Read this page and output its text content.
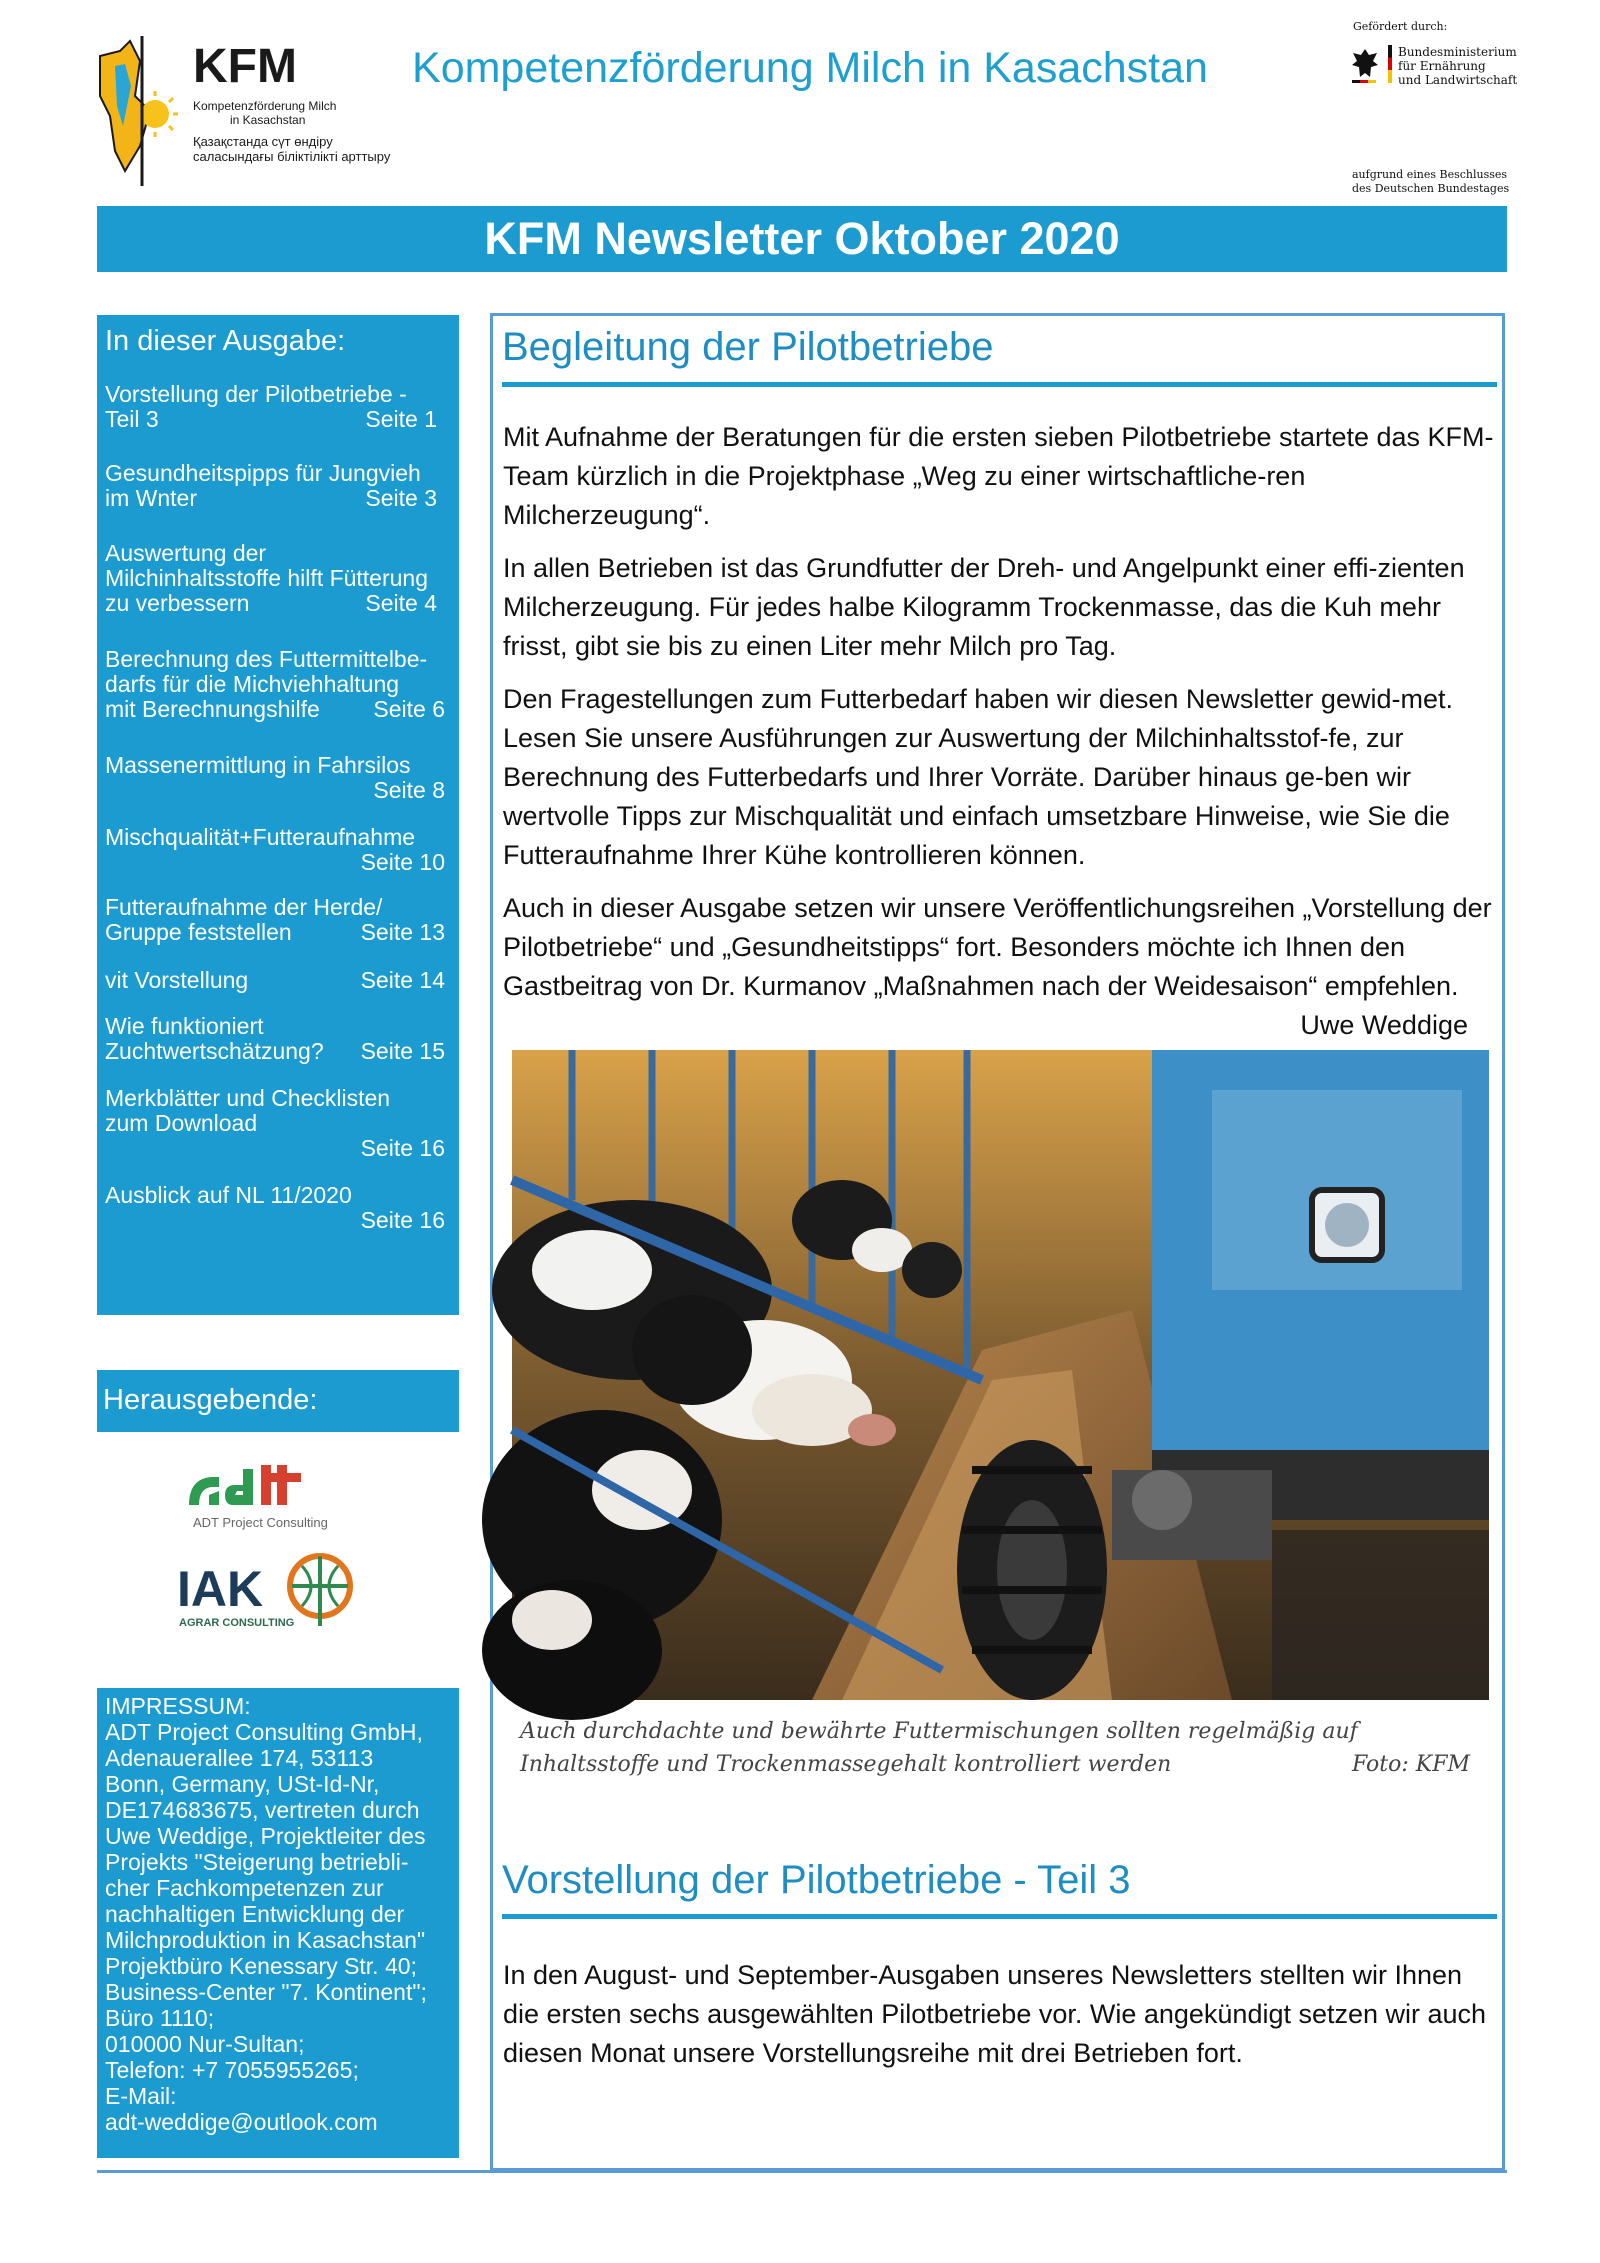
KFM
Kompetenzförderung Milch
in Kasachstan
Қазақстанда сүт өндіру
саласындағы біліктілікті арттыру
Kompetenzförderung Milch in Kasachstan
Gefördert durch:
Bundesministerium
für Ernährung
und Landwirtschaft
aufgrund eines Beschlusses
des Deutschen Bundestages
KFM Newsletter Oktober 2020
In dieser Ausgabe:
Vorstellung der Pilotbetriebe -
Teil 3	Seite 1
Gesundheitspipps für Jungvieh
im Wnter	Seite 3
Auswertung der
Milchinhaltsstoffe hilft Fütterung
zu verbessern	Seite 4
Berechnung des Futtermittelbe-
darfs für die Michviehhaltung
mit Berechnungshilfe Seite 6
Massenermittlung in Fahrsilos
Seite 8
Mischqualität+Futteraufnahme
Seite 10
Futteraufnahme der Herde/
Gruppe feststellen	Seite 13
vit Vorstellung	Seite 14
Wie funktioniert
Zuchtwertschätzung? Seite 15
Merkblätter und Checklisten
zum Download
Seite 16
Ausblick auf NL 11/2020
Seite 16
Herausgebende:
ADT Project Consulting
IAK
AGRAR CONSULTING
IMPRESSUM:
ADT Project Consulting GmbH,
Adenauerallee 174, 53113
Bonn, Germany, USt-Id-Nr,
DE174683675, vertreten durch
Uwe Weddige, Projektleiter des
Projekts "Steigerung betriebli-
cher Fachkompetenzen zur
nachhaltigen Entwicklung der
Milchproduktion in Kasachstan"
Projektbüro Kenessary Str. 40;
Business-Center "7. Kontinent";
Büro 1110;
010000 Nur-Sultan;
Telefon: +7 7055955265;
E-Mail:
adt-weddige@outlook.com
Begleitung der Pilotbetriebe

Mit Aufnahme der Beratungen für die ersten sieben Pilotbetriebe startete das KFM-Team kürzlich in die Projektphase „Weg zu einer wirtschaftliche-ren Milcherzeugung“.

In allen Betrieben ist das Grundfutter der Dreh- und Angelpunkt einer effi-zienten Milcherzeugung. Für jedes halbe Kilogramm Trockenmasse, das die Kuh mehr frisst, gibt sie bis zu einen Liter mehr Milch pro Tag.

Den Fragestellungen zum Futterbedarf haben wir diesen Newsletter gewid-met. Lesen Sie unsere Ausführungen zur Auswertung der Milchinhaltsstof-fe, zur Berechnung des Futterbedarfs und Ihrer Vorräte. Darüber hinaus ge-ben wir wertvolle Tipps zur Mischqualität und einfach umsetzbare Hinweise, wie Sie die Futteraufnahme Ihrer Kühe kontrollieren können.

Auch in dieser Ausgabe setzen wir unsere Veröffentlichungsreihen „Vorstellung der Pilotbetriebe“ und „Gesundheitstipps“ fort. Besonders möchte ich Ihnen den Gastbeitrag von Dr. Kurmanov „Maßnahmen nach der Weidesaison“ empfehlen.
Uwe Weddige

Auch durchdachte und bewährte Futtermischungen sollten regelmäßig auf Inhaltsstoffe und Trockenmassegehalt kontrolliert werden	Foto: KFM
Vorstellung der Pilotbetriebe - Teil 3

In den August- und September-Ausgaben unseres Newsletters stellten wir Ihnen die ersten sechs ausgewählten Pilotbetriebe vor. Wie angekündigt setzen wir auch diesen Monat unsere Vorstellungsreihe mit drei Betrieben fort.
